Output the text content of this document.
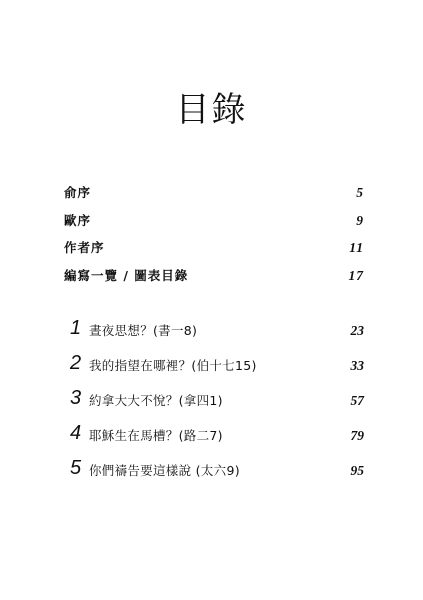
目錄
俞序	5
歐序	9
作者序	11
編寫一覽 / 圖表目錄	17
1 晝夜思想？(書一8)	23
2 我的指望在哪裡？(伯十七15)	33
3 約拿大大不悅？(拿四1)	57
4 耶穌生在馬槽？(路二7)	79
5 你們禱告要這樣說 (太六9)	95
